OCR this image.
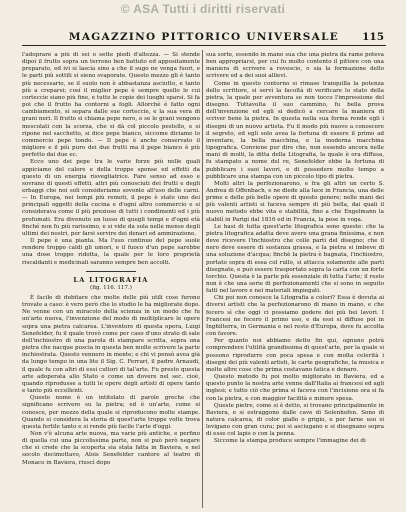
© ASA Tutti i diritti riservati
MAGAZZINO PITTORICO UNIVERSALE	115

l'adoprare a più di sei o sette piedi d'altezza. — Si stende dipoi il frutto sopra un terreno ben battuto ed appositamente preparato, ed ivi si lascia sino a che il sugo ne venga fuori, e le parti più sottili si sieno svaporate. Questo mezzo gli è tanto più necessario, se il suolo non è abbastanza asciutto, e tanto più a creparsi; cosí il miglior pepe è sempre quello le cui corteccie siano più fine, e tutte le copie dei luoghi sparsi. Si fa poi che il frutto ha contorni a fogli. Allorchè è fatto ogni cambiamento, si separa dalle sue corteccie, e la sua vera di grani neri. Il frutto si chiama pepe nero, e se le grani vengono mescolati con la scorza, che si dà col piccolo pestello, e si ripone nel sacchetto, si dice pepe bianco, siccome diciamo lo commercio pepe tondo. — Il pepe è anche conservato il migliore e il più puro dei due frutti ma il pepe bianco è più perfetto dai due ec.

Ecco uno dei pepe tra le varie forze più nelle quali appiciamo del calore e della troppe sponse ed effetti da questo di un energia risvegliatrice. Fare senso ad esso e sovrano di questi effetti, altri più conosciuti dei frutti e degli erbaggi che noi soli consideriamo sovente all'uso delle carni. — In Europa, nei tempi più remoti, il pepe è stato uno dei principali oggetti della cucina e d'ogni altro commercio e si considerava come il più prezioso di tutti i condimenti ed i più profumati. Era divenuto un lusso di quegli tempi e d'ogni età finché non fu più rarissimo, e si vide da sola nelle mense degli ultimi dei nostri, per farsi servire dei denari ed ammirazione.

Il pepe è una pianta. Ma l'uso continuo del pepe suole rendere troppo caldi gli umori, e il fuoco d'un pepe sarebbe una dose troppo ridotta, la quale per le loro proprietà riscaldanti e medicinali saranno sempre ben accolti.

LA LITOGRAFIA
(fig. 116. 117.)

È facile di dubitare che molte delle più utili cose furono trovate a caso: è vero però che lo studio le ha migliorate dopo. Ne venne con un miracolo della scienza in un modo che fu un'arte nuova, l'invenzione del modo di moltiplicare le opere sopra una pietra calcarea. L'inventore di questa opera, Luigi Senefelder, fu il quale trovò come per caso d'uno strato di sale dell'inchiostro di una parola di stampare scritta, sopra una pietra che nacque poscia in questa ben molte scrivere la parte inchiostrata. Questo vennero in mente; e chi vi pensò avea già da lungo tempo in una lite il Sig. C. Ferrari, il padre Arnaudi, il quale fu con altri di essi cultori di tal'arte. Fu presto questa arte adoperata allo Stato e come un dovere nel sec. cioè, quando riprodusse a tutti le opere degli artisti di opere tanto e tanto più eccellenti.

Questo nome è un intitolato di parole greche che significano scrivere su la pietra; ed è un'arte, come si conosce, per mezzo della quale si riproducono molte stampe. Quando si considera la storia di quest'arte troppe volte trova questa fertile tanto e si rende più facile l'arte d'oggi.

Non v'è alcuna arte nuova, ma varie più antiche, e perfino di quella cui una piccolissima parte, non si può però negare che si crede che la scoperta sia stata fatta in Baviera, e nel secolo decimottavo, Alois Senefelder cantore al teatro di Monaco in Baviera, riuscì dopo

sua sorte, essendo in mano sua che una pietra da rame poteva ben appropriarsi, per cui fu molto contento il pittore con una maniera di scrivere a rovescio, o sia la formazione dello scrivere ed a dei suoi allievi.

Come in questo contorno si rimase tranquilla la potenza dello scrittore, si servì la facoltà di verificare lo stato della pietra, la quale per avventura se non tocco l'impressione del disegno. Tuttavolta il suo cammino, fu bella prova dell'invenzione ed egli si dedicò a cercare la maniera di scriver bene la pietra. In questa nella sua forma rende egli i disegni di un nuovo artista. Fu il modo più nuovo a conoscere il segreto, ed egli solo avea la fortuna di essere il primo ad inventare, la bella macchina, e la moderna macchina tipografica. Conviene pur dire che, non essendo ancora nelle mani di molti, la ditta della Litografia, la quale è ora diffusa, fu stampato a nome del re, Senefelder ebbe la fortuna di pubblicare i suoi lavori, e di possedere molto tempo a pubblicare una stampa con un piccolo tipo di pietra.

Molti altri la perfezionarono, e fra gli altri un certo S. Andrea di Offenbach, e ne diede alla luce in Francia, una delle prime e delle più belle opere di questo genere; nelle mani dei più valenti artisti si faceva sempre di più bella, dai quali il nuovo metodo ebbe vita e stabilità, fino a che Engelmann la stabilì in Parigi dal 1816 ed in Francia, la pose in voga.

Le basi di tutta quest'arte litografica sono queste: che la pietra litografica adatta deve avere una grana finissima, e non deve ricevere l'inchiostro che colle parti del disegno; che il nero deve essere di sostanza grassa, e la pietra si imbeve di una soluzione d'acqua; finchè la pietra è bagnata, l'inchiostro, portato sopra di essa col rullo, si attacca solamente alle parti disegnate, e può essere trasportato sopra la carta con un forte torchio. Questa è la parte più essenziale di tutta l'arte; il resto non è che una serie di perfezionamenti che si sono in seguito fatti nel lavoro e nei materiali impiegati.

Chi poi non conosce la Litografia a colori? Essa è dovuta ai diversi artisti che la perfezionarono di mano in mano, e che fecero sì che oggi ci possiamo godere dei più bei lavori. I Francesi ne fecero il primo uso, e da essi si diffuse poi in Inghilterra, in Germania e nel resto d'Europa, dove fu accolta con favore.

Per quanto noi abbiamo detto fin qui, ognuno potrà comprendere l'utilità grandissima di quest'arte, per la quale si possono riprodurre con poca spesa e con molta celerità i disegni dei più valenti artisti, le carte geografiche, la musica e molte altre cose che prima costavano fatica e denaro.

Questo metodo fu poi molto migliorato in Baviera, ed a questo punto la nostra arte venne dall'Italia ai francesi ed agli inglesi; e tutto ciò che prima si faceva con l'incisione ora si fa con la pietra, e con maggior facilità e minore spesa.

Queste pietre, come si è detto, si trovano principalmente in Baviera, e si estraggono dalle cave di Solenhofen. Sono di natura calcarea, di color giallo o grigio, e per farne uso si levigano con gran cura; poi si asciugano e si disegnano sopra di esse col lapis o con la penna.

Siccome la stampa produce sempre l'immagine dei di
